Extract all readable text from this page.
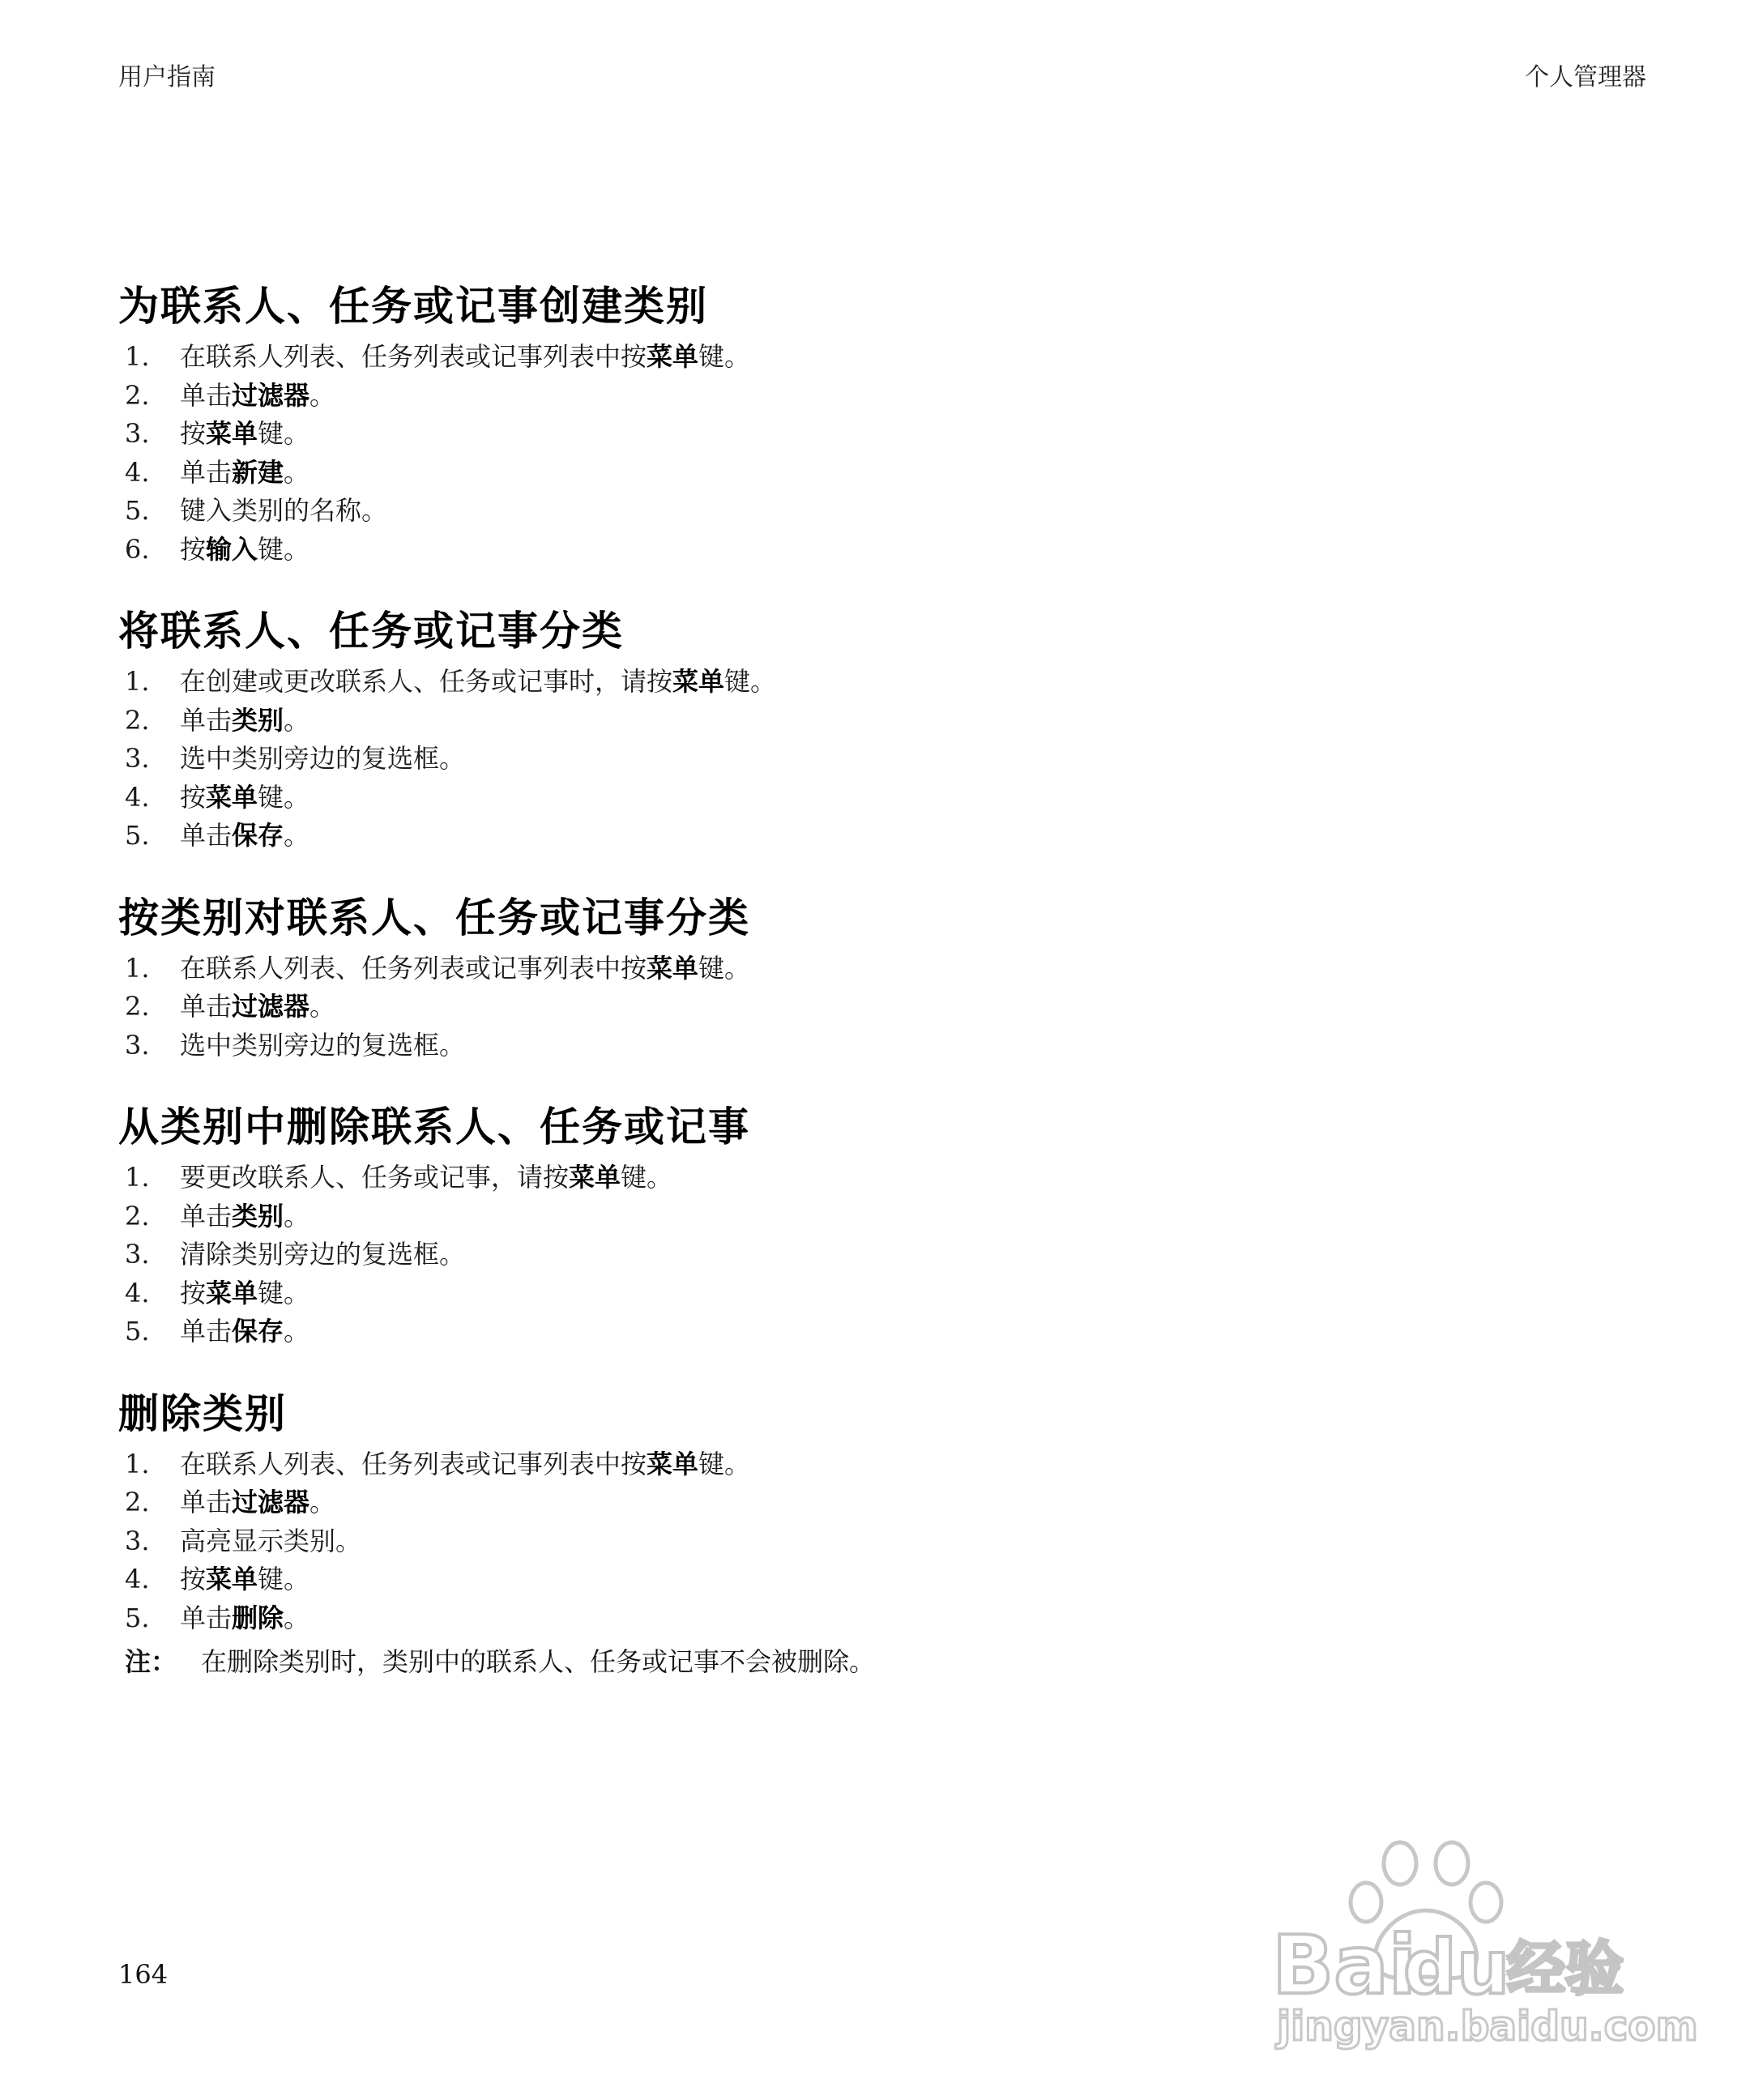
用户指南	个人管理器
为联系人、任务或记事创建类别
1.	在联系人列表、任务列表或记事列表中按菜单键。
2.	单击过滤器。
3.	按菜单键。
4.	单击新建。
5.	键入类别的名称。
6.	按输入键。
将联系人、任务或记事分类
1.	在创建或更改联系人、任务或记事时，请按菜单键。
2.	单击类别。
3.	选中类别旁边的复选框。
4.	按菜单键。
5.	单击保存。
按类别对联系人、任务或记事分类
1.	在联系人列表、任务列表或记事列表中按菜单键。
2.	单击过滤器。
3.	选中类别旁边的复选框。
从类别中删除联系人、任务或记事
1.	要更改联系人、任务或记事，请按菜单键。
2.	单击类别。
3.	清除类别旁边的复选框。
4.	按菜单键。
5.	单击保存。
删除类别
1.	在联系人列表、任务列表或记事列表中按菜单键。
2.	单击过滤器。
3.	高亮显示类别。
4.	按菜单键。
5.	单击删除。
注： 在删除类别时，类别中的联系人、任务或记事不会被删除。
164	Bai
du
经验
jingyan.baidu.com
